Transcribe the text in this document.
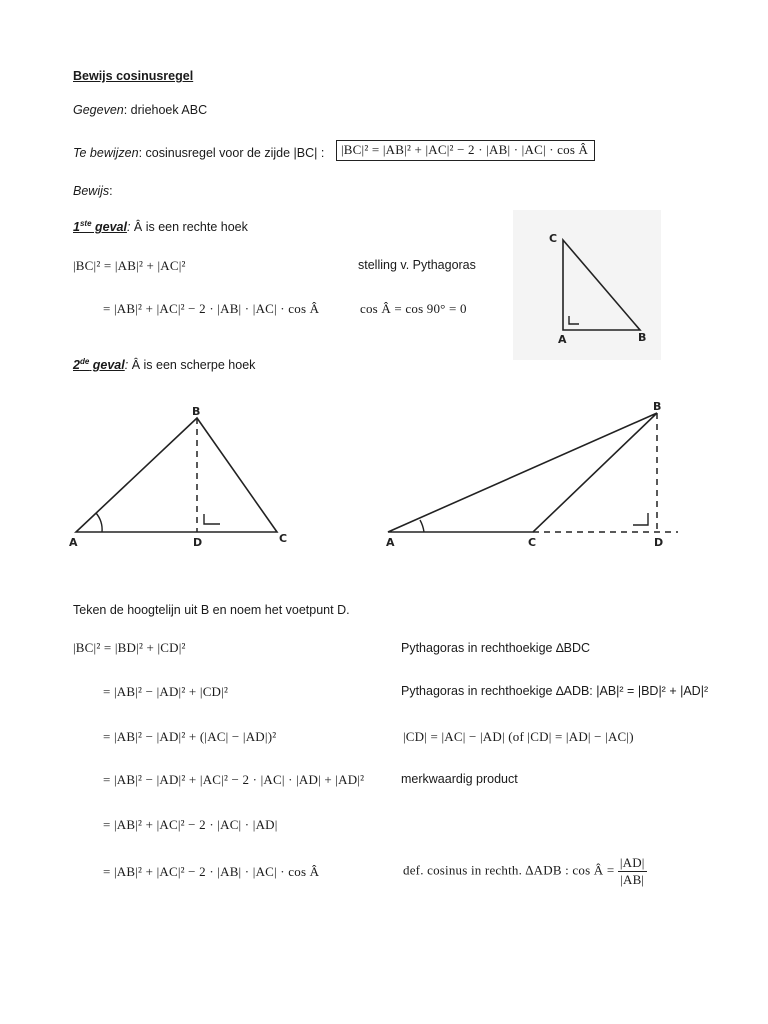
Bewijs cosinusregel
Gegeven: driehoek ABC
Te bewijzen: cosinusregel voor de zijde |BC| :	|BC|² = |AB|² + |AC|² − 2 · |AB| · |AC| · cos Â
Bewijs:
1ste geval: Â is een rechte hoek
|BC|² = |AB|² + |AC|²	stelling v. Pythagoras
= |AB|² + |AC|² − 2 · |AB| · |AC| · cos Â	cos Â = cos 90° = 0
C
A	B
2de geval: Â is een scherpe hoek
A
B
C
D	A
B
C	D
Teken de hoogtelijn uit B en noem het voetpunt D.
|BC|² = |BD|² + |CD|²	Pythagoras in rechthoekige ∆BDC
= |AB|² − |AD|² + |CD|²	Pythagoras in rechthoekige ∆ADB: |AB|² = |BD|² + |AD|²
= |AB|² − |AD|² + (|AC| − |AD|)²	|CD| = |AC| − |AD| (of |CD| = |AD| − |AC|)
= |AB|² − |AD|² + |AC|² − 2 · |AC| · |AD| + |AD|²	merkwaardig product
= |AB|² + |AC|² − 2 · |AC| · |AD|
= |AB|² + |AC|² − 2 · |AB| · |AC| · cos Â	def. cosinus in rechth. ∆ADB : cos Â = $\frac{|AD|}{|AB|}$
